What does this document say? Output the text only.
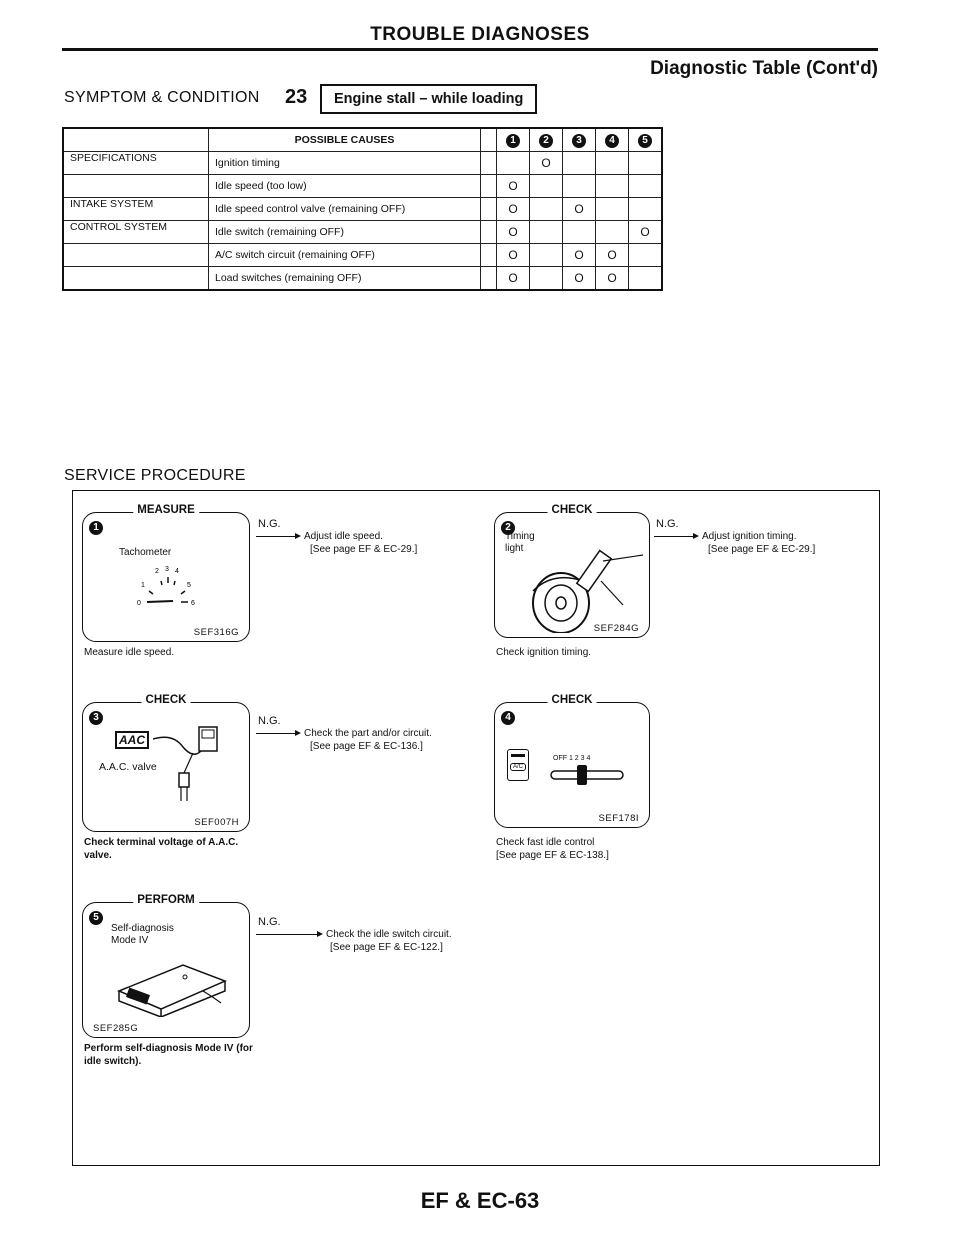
TROUBLE DIAGNOSES
Diagnostic Table (Cont'd)
SYMPTOM & CONDITION 23	Engine stall – while loading
	POSSIBLE CAUSES		1	2	3	4	5
SPECIFICATIONS	Ignition timing			O			
	Idle speed (too low)		O				
INTAKE SYSTEM	Idle speed control valve (remaining OFF)		O		O		
CONTROL SYSTEM	Idle switch (remaining OFF)		O				O
	A/C switch circuit (remaining OFF)		O		O	O	
	Load switches (remaining OFF)		O		O	O	
SERVICE PROCEDURE
MEASURE
1
Tachometer
0
1
2 3 4
5
6
SEF316G
Measure idle speed.
N.G.
Adjust idle speed.
[See page EF & EC-29.]
CHECK
2
Timing light
SEF284G
Check ignition timing.
N.G.
Adjust ignition timing.
[See page EF & EC-29.]
CHECK
3
AAC
A.A.C. valve
SEF007H
Check terminal voltage of A.A.C. valve.
N.G.
Check the part and/or circuit.
[See page EF & EC-136.]
CHECK
4
A/C
OFF 1 2 3 4
SEF178I
Check fast idle control
[See page EF & EC-138.]
PERFORM
5
Self-diagnosis
Mode IV
SEF285G
Perform self-diagnosis Mode IV (for idle switch).
N.G.
Check the idle switch circuit.
[See page EF & EC-122.]
EF & EC-63
